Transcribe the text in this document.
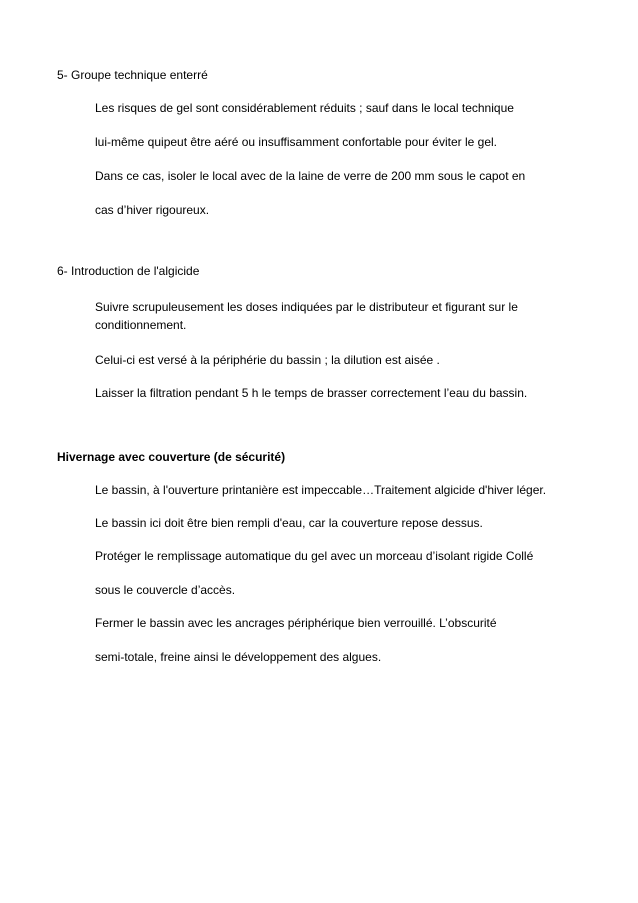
5- Groupe technique enterré
Les risques de gel sont considérablement réduits ; sauf dans le local technique
lui-même quipeut être aéré ou insuffisamment confortable pour éviter le gel.
Dans ce cas, isoler le local avec de la laine de verre de 200 mm sous le capot en
cas d’hiver rigoureux.
6- Introduction de l'algicide
Suivre scrupuleusement les doses indiquées par le distributeur et figurant sur le
conditionnement.
Celui-ci est versé à la périphérie du bassin ; la dilution est aisée .
Laisser la filtration pendant 5 h le temps de brasser correctement l’eau du bassin.
Hivernage avec couverture (de sécurité)
Le bassin, à l'ouverture printanière est impeccable…Traitement algicide d'hiver léger.
Le bassin ici doit être bien rempli d'eau, car la couverture repose dessus.
Protéger le remplissage automatique du gel avec un morceau d’isolant rigide Collé
sous le couvercle d’accès.
Fermer le bassin avec les ancrages périphérique bien verrouillé. L’obscurité
semi-totale, freine ainsi le développement des algues.
